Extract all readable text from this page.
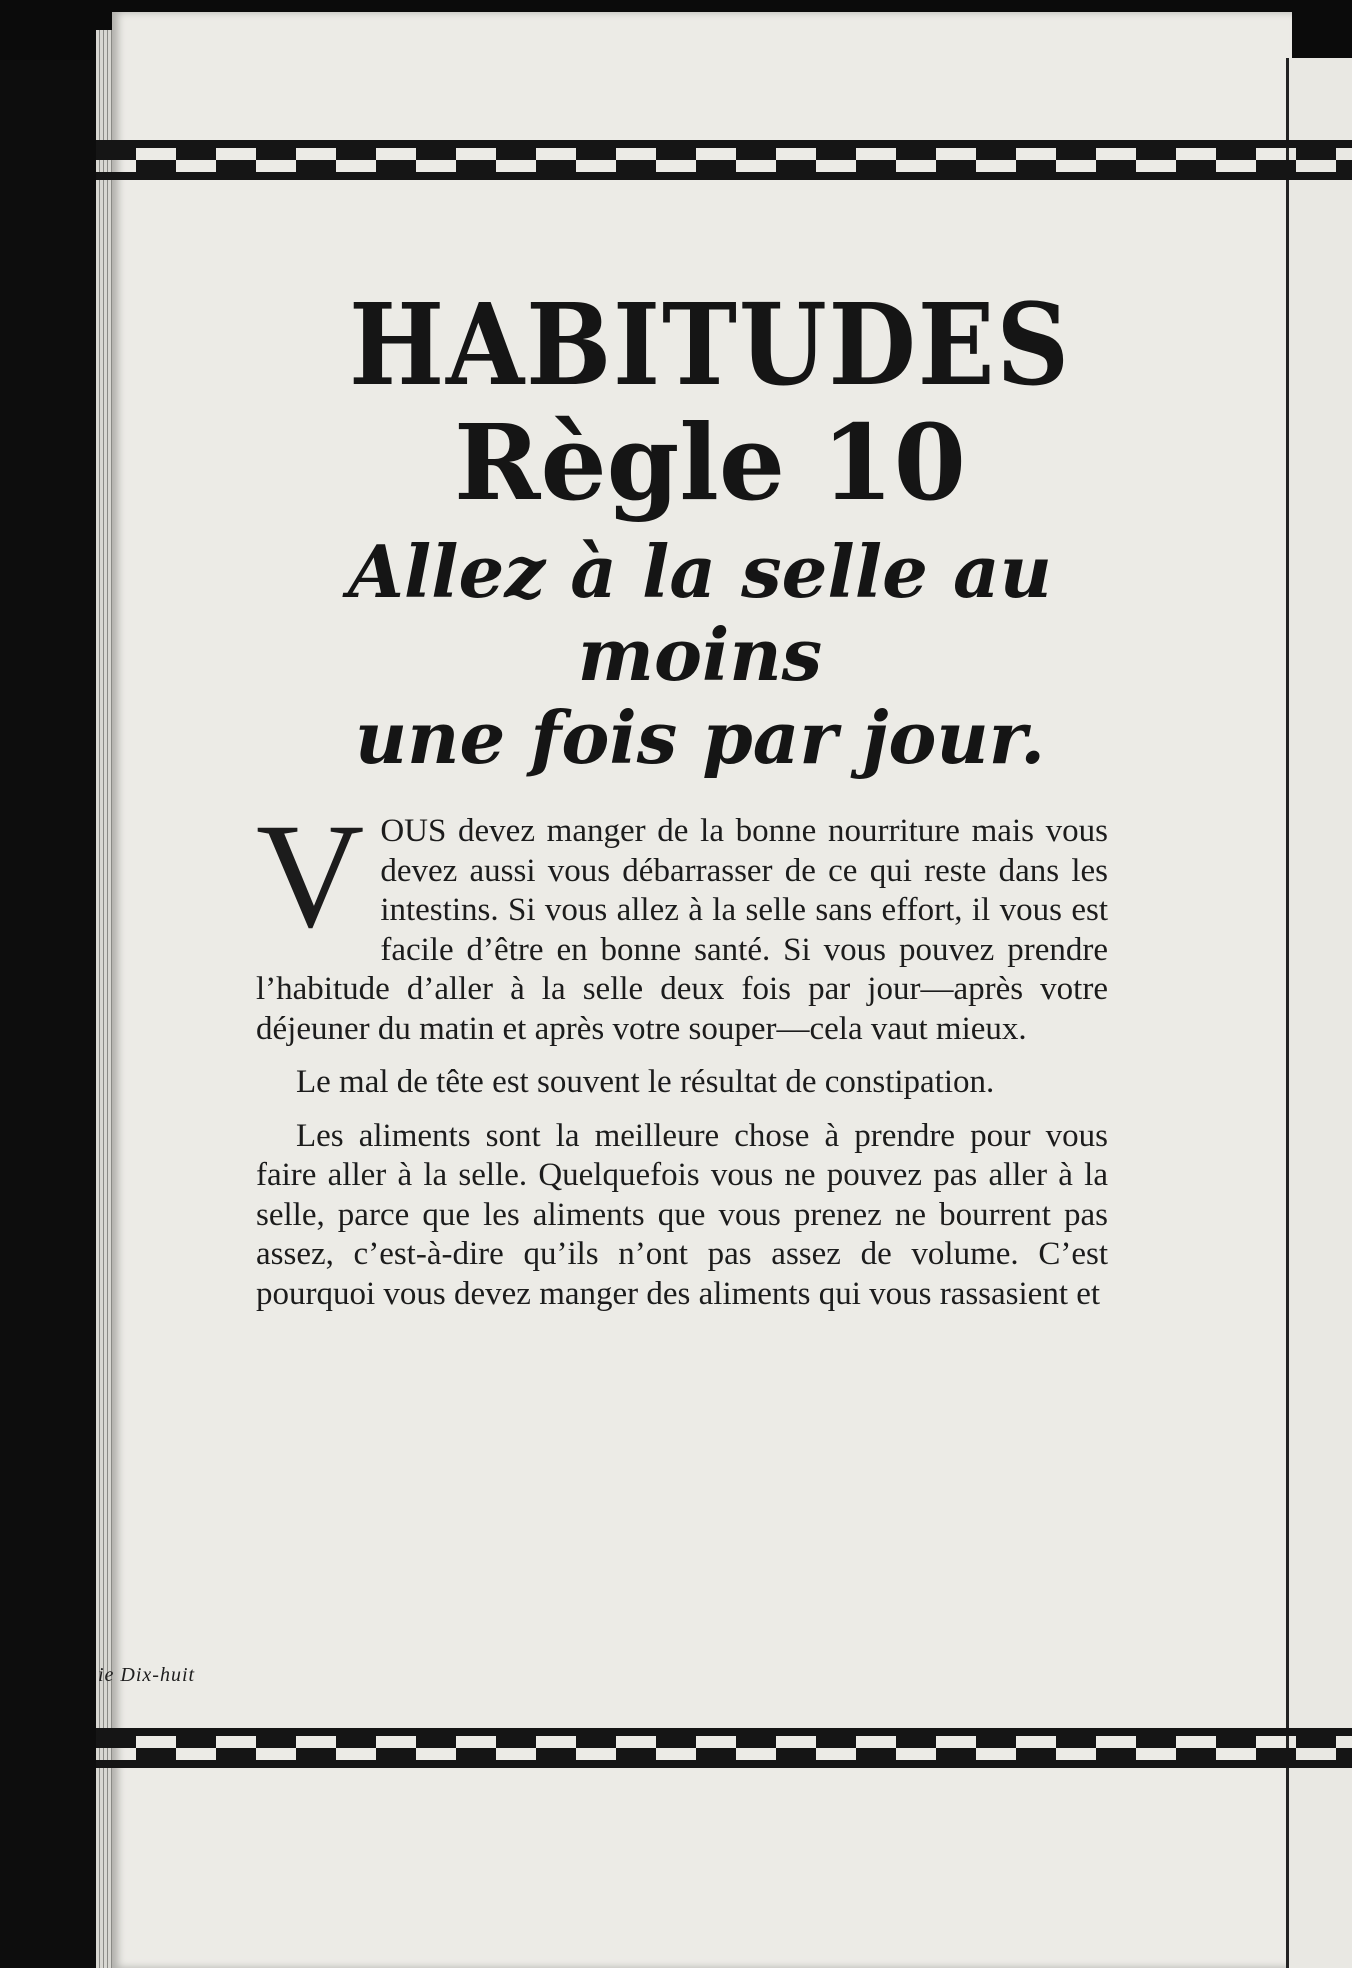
HABITUDES
Règle 10
Allez à la selle au moins
une fois par jour.

V OUS devez manger de la bonne nourriture mais vous devez aussi vous débarrasser de ce qui reste dans les intestins. Si vous allez à la selle sans effort, il vous est facile d’être en bonne santé. Si vous pouvez prendre l’habitude d’aller à la selle deux fois par jour—après votre déjeuner du matin et après votre souper—cela vaut mieux.

Le mal de tête est souvent le résultat de constipation.

Les aliments sont la meilleure chose à prendre pour vous faire aller à la selle. Quelquefois vous ne pouvez pas aller à la selle, parce que les aliments que vous prenez ne bourrent pas assez, c’est-à-dire qu’ils n’ont pas assez de volume. C’est pourquoi vous devez manger des aliments qui vous rassasient et

ie Dix-huit
